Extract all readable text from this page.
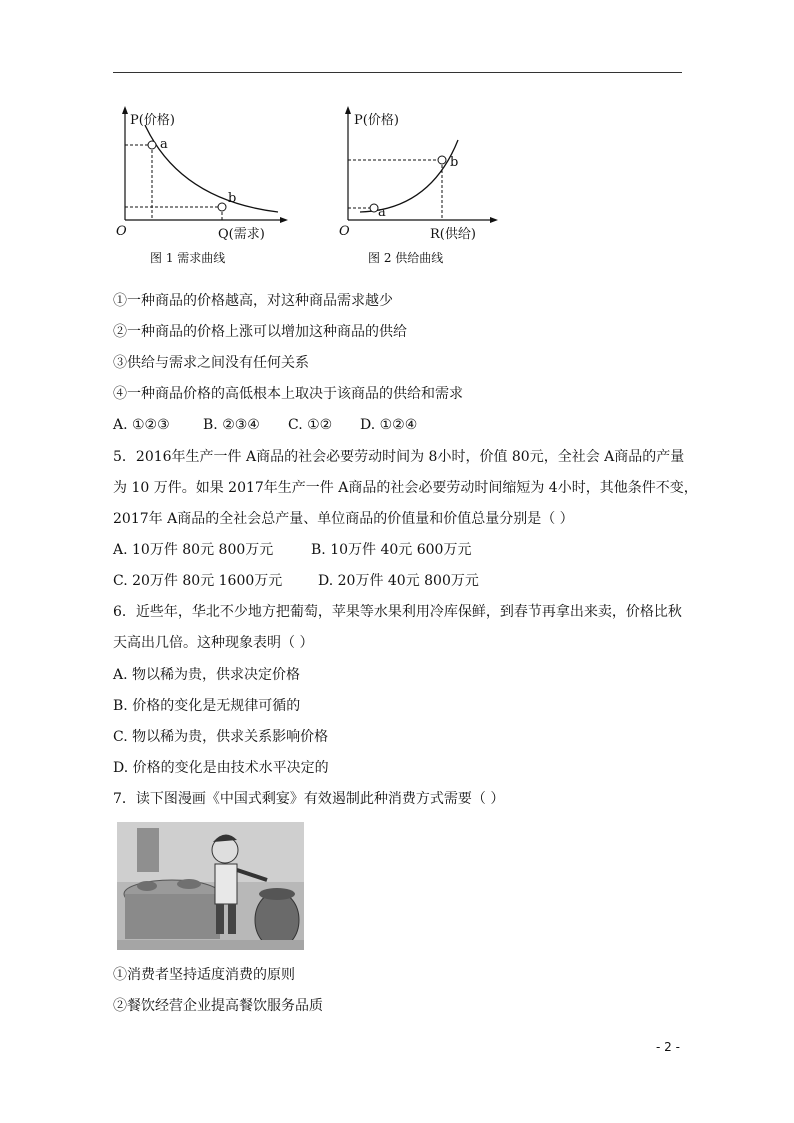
P(价格)
a
b
O	Q(需求)
图 1 需求曲线
P(价格)
a
b
O	R(供给)
图 2 供给曲线
①一种商品的价格越高，对这种商品需求越少
②一种商品的价格上涨可以增加这种商品的供给
③供给与需求之间没有任何关系
④一种商品价格的高低根本上取决于该商品的供给和需求
A. ①②③ B. ②③④ C. ①② D. ①②④
5．2016年生产一件 A商品的社会必要劳动时间为 8小时，价值 80元，全社会 A商品的产量
为 10 万件。如果 2017年生产一件 A商品的社会必要劳动时间缩短为 4小时，其他条件不变，
2017年 A商品的全社会总产量、单位商品的价值量和价值总量分别是（ ）
A. 10万件 80元 800万元	B. 10万件 40元 600万元
C. 20万件 80元 1600万元	D. 20万件 40元 800万元
6．近些年，华北不少地方把葡萄，苹果等水果利用冷库保鲜，到春节再拿出来卖，价格比秋
天高出几倍。这种现象表明（ ）
A. 物以稀为贵，供求决定价格
B. 价格的变化是无规律可循的
C. 物以稀为贵，供求关系影响价格
D. 价格的变化是由技术水平决定的
7．读下图漫画《中国式剩宴》有效遏制此种消费方式需要（ ）
①消费者坚持适度消费的原则
②餐饮经营企业提高餐饮服务品质
- 2 -
